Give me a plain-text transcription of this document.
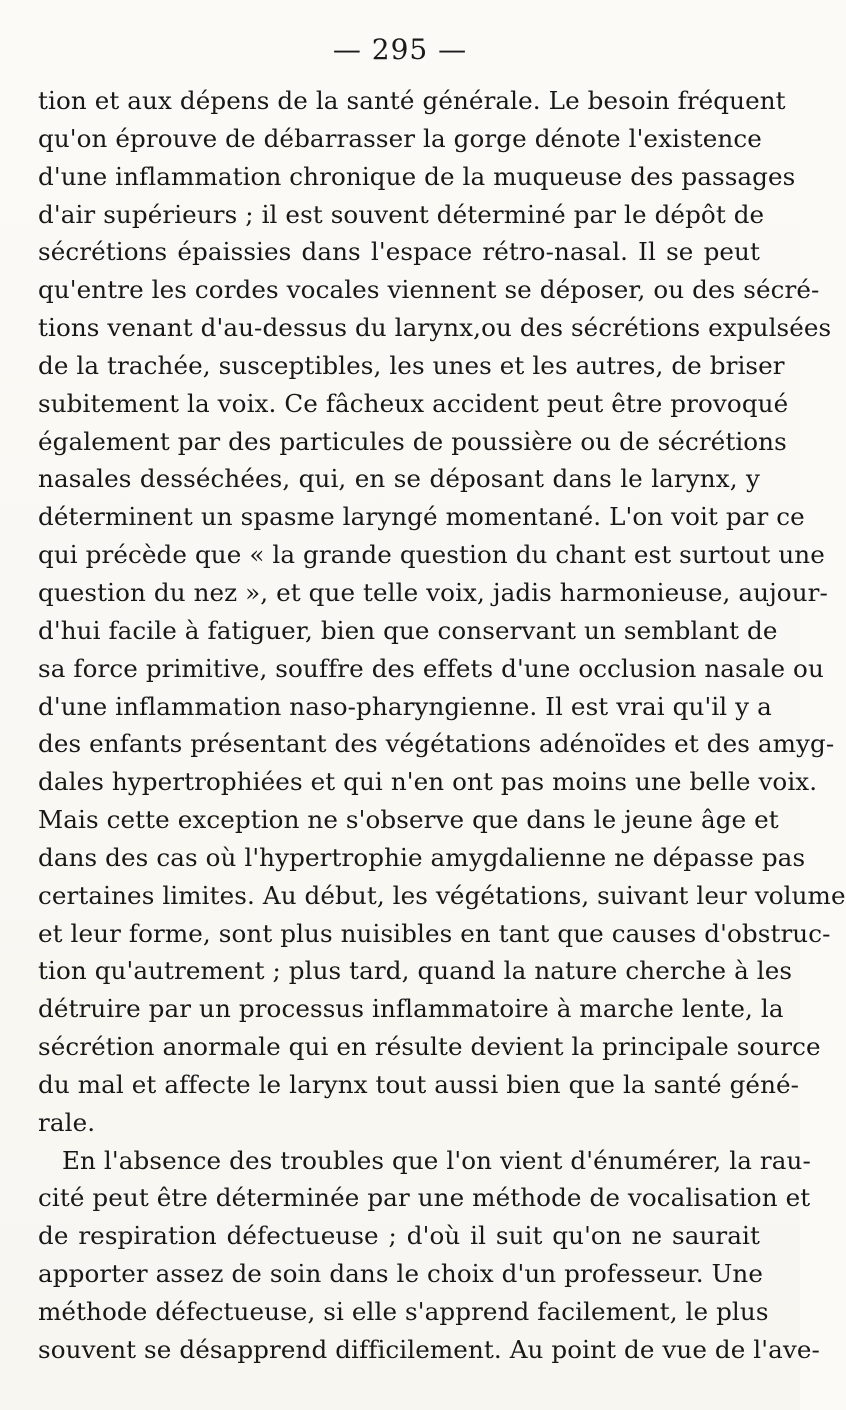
— 295 —
tion et aux dépens de la santé générale. Le besoin fréquent
qu'on éprouve de débarrasser la gorge dénote l'existence
d'une inflammation chronique de la muqueuse des passages
d'air supérieurs ; il est souvent déterminé par le dépôt de
sécrétions épaissies dans l'espace rétro-nasal. Il se peut
qu'entre les cordes vocales viennent se déposer, ou des sécré-
tions venant d'au-dessus du larynx,ou des sécrétions expulsées
de la trachée, susceptibles, les unes et les autres, de briser
subitement la voix. Ce fâcheux accident peut être provoqué
également par des particules de poussière ou de sécrétions
nasales desséchées, qui, en se déposant dans le larynx, y
déterminent un spasme laryngé momentané. L'on voit par ce
qui précède que « la grande question du chant est surtout une
question du nez », et que telle voix, jadis harmonieuse, aujour-
d'hui facile à fatiguer, bien que conservant un semblant de
sa force primitive, souffre des effets d'une occlusion nasale ou
d'une inflammation naso-pharyngienne. Il est vrai qu'il y a
des enfants présentant des végétations adénoïdes et des amyg-
dales hypertrophiées et qui n'en ont pas moins une belle voix.
Mais cette exception ne s'observe que dans le jeune âge et
dans des cas où l'hypertrophie amygdalienne ne dépasse pas
certaines limites. Au début, les végétations, suivant leur volume
et leur forme, sont plus nuisibles en tant que causes d'obstruc-
tion qu'autrement ; plus tard, quand la nature cherche à les
détruire par un processus inflammatoire à marche lente, la
sécrétion anormale qui en résulte devient la principale source
du mal et affecte le larynx tout aussi bien que la santé géné-
rale.
En l'absence des troubles que l'on vient d'énumérer, la rau-
cité peut être déterminée par une méthode de vocalisation et
de respiration défectueuse ; d'où il suit qu'on ne saurait
apporter assez de soin dans le choix d'un professeur. Une
méthode défectueuse, si elle s'apprend facilement, le plus
souvent se désapprend difficilement. Au point de vue de l'ave-
